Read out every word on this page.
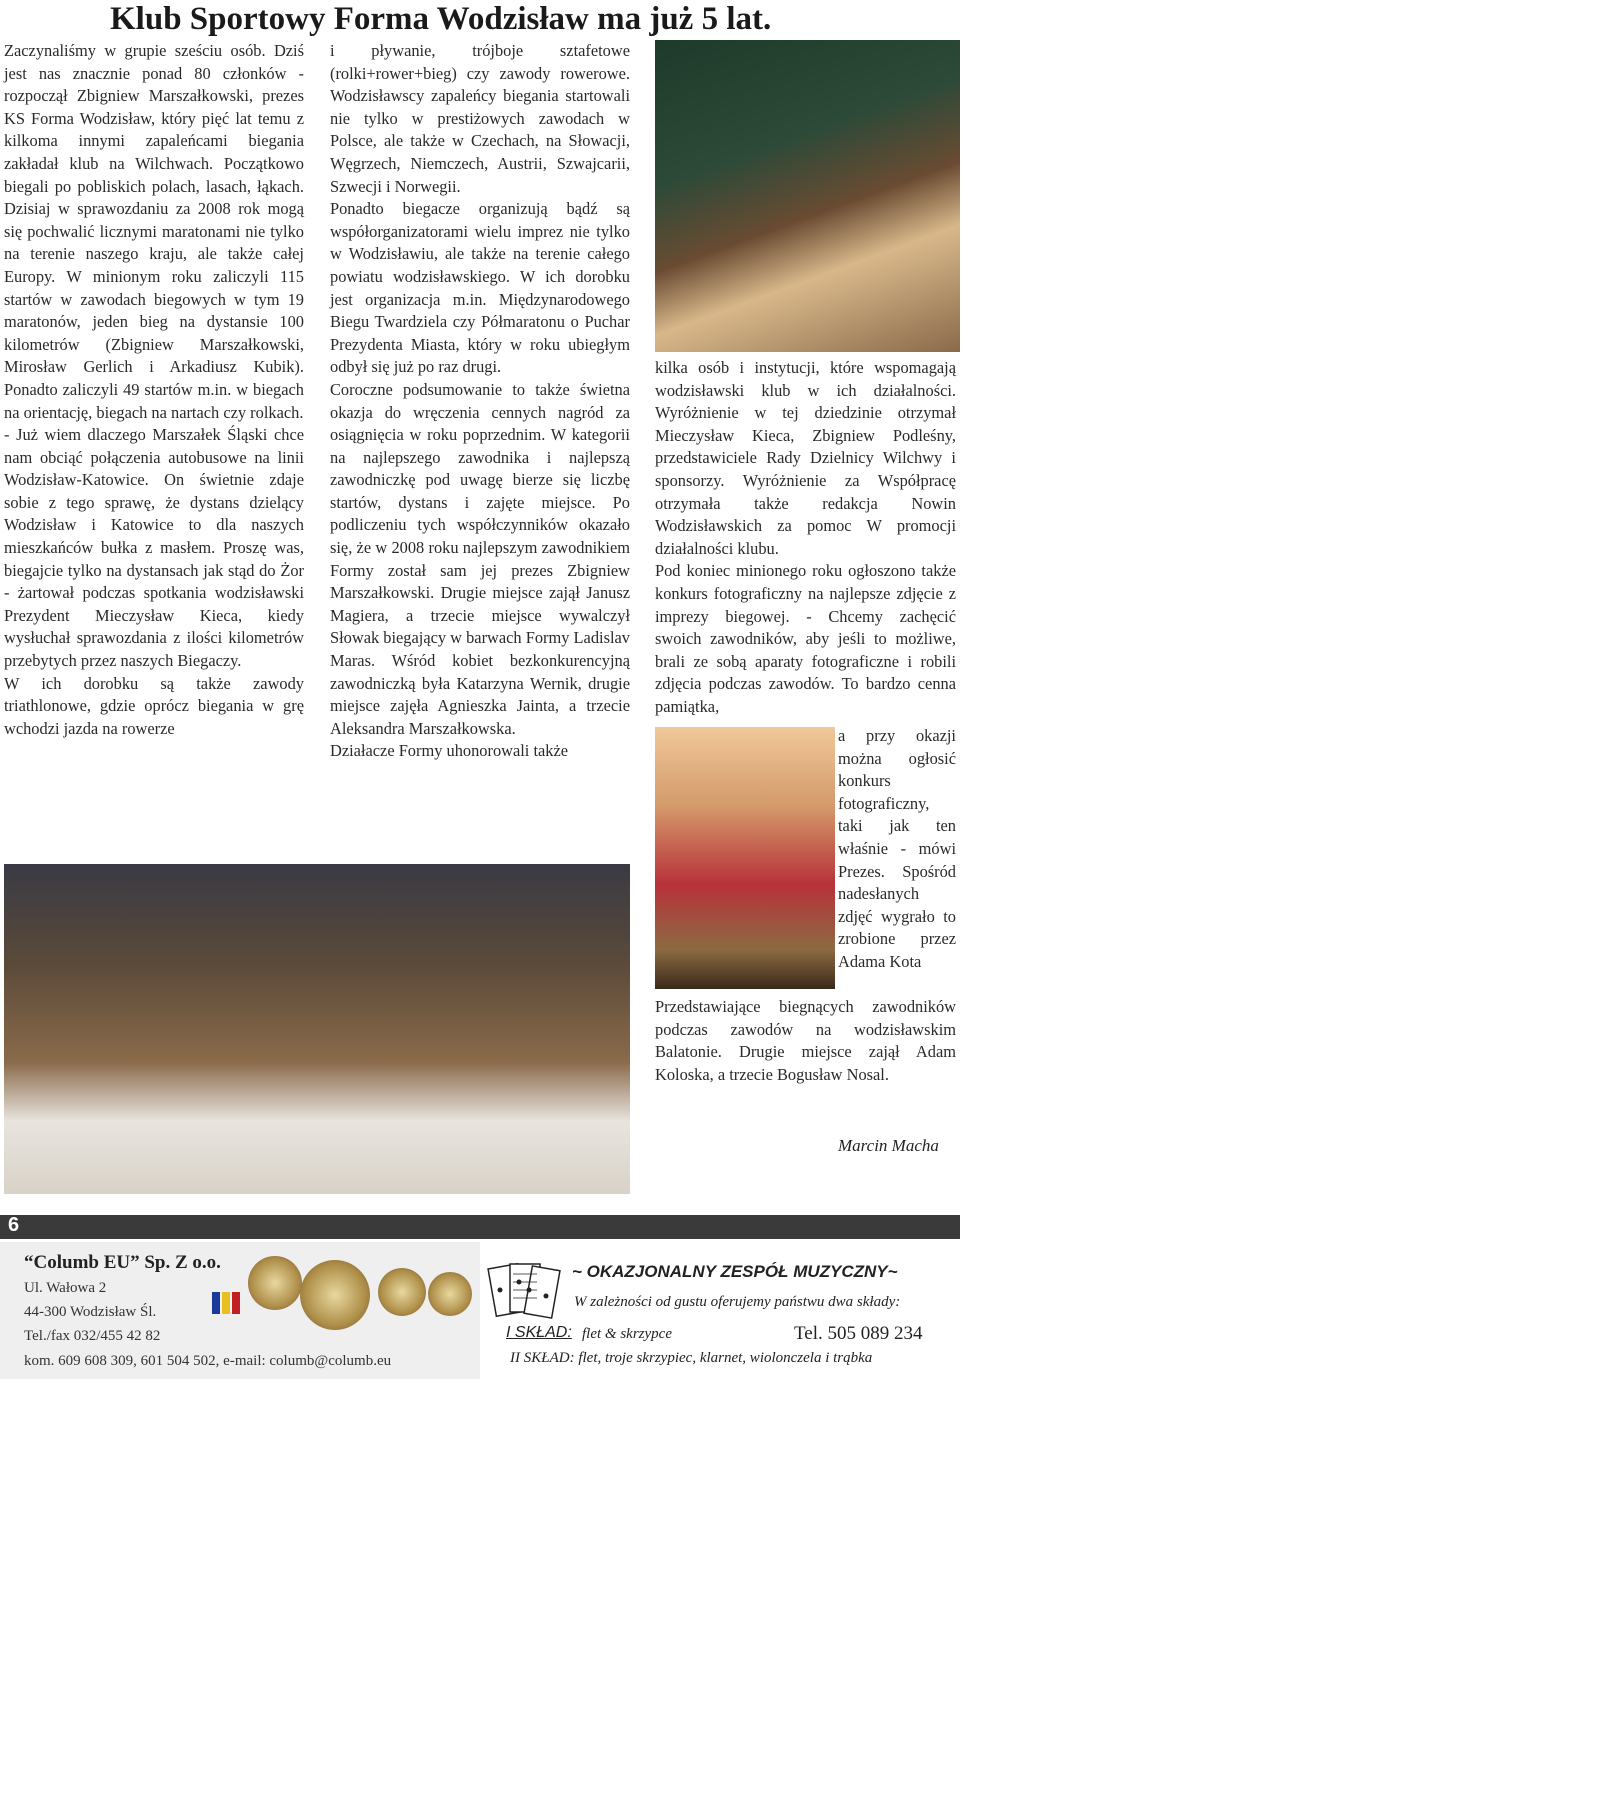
Klub Sportowy Forma Wodzisław ma już 5 lat.

Zaczynaliśmy w grupie sześciu osób. Dziś jest nas znacznie ponad 80 członków - rozpoczął Zbigniew Marszałkowski, prezes KS Forma Wodzisław, który pięć lat temu z kilkoma innymi zapaleńcami biegania zakładał klub na Wilchwach. Początkowo biegali po pobliskich polach, lasach, łąkach. Dzisiaj w sprawozdaniu za 2008 rok mogą się pochwalić licznymi maratonami nie tylko na terenie naszego kraju, ale także całej Europy. W minionym roku zaliczyli 115 startów w zawodach biegowych w tym 19 maratonów, jeden bieg na dystansie 100 kilometrów (Zbigniew Marszałkowski, Mirosław Gerlich i Arkadiusz Kubik). Ponadto zaliczyli 49 startów m.in. w biegach na orientację, biegach na nartach czy rolkach.

- Już wiem dlaczego Marszałek Śląski chce nam obciąć połączenia autobusowe na linii Wodzisław-Katowice. On świetnie zdaje sobie z tego sprawę, że dystans dzielący Wodzisław i Katowice to dla naszych mieszkańców bułka z masłem. Proszę was, biegajcie tylko na dystansach jak stąd do Żor - żartował podczas spotkania wodzisławski Prezydent Mieczysław Kieca, kiedy wysłuchał sprawozdania z ilości kilometrów przebytych przez naszych Biegaczy.

W ich dorobku są także zawody triathlonowe, gdzie oprócz biegania w grę wchodzi jazda na rowerze

i pływanie, trójboje sztafetowe (rolki+rower+bieg) czy zawody rowerowe. Wodzisławscy zapaleńcy biegania startowali nie tylko w prestiżowych zawodach w Polsce, ale także w Czechach, na Słowacji, Węgrzech, Niemczech, Austrii, Szwajcarii, Szwecji i Norwegii.

Ponadto biegacze organizują bądź są współorganizatorami wielu imprez nie tylko w Wodzisławiu, ale także na terenie całego powiatu wodzisławskiego. W ich dorobku jest organizacja m.in. Międzynarodowego Biegu Twardziela czy Półmaratonu o Puchar Prezydenta Miasta, który w roku ubiegłym odbył się już po raz drugi.

Coroczne podsumowanie to także świetna okazja do wręczenia cennych nagród za osiągnięcia w roku poprzednim. W kategorii na najlepszego zawodnika i najlepszą zawodniczkę pod uwagę bierze się liczbę startów, dystans i zajęte miejsce. Po podliczeniu tych współczynników okazało się, że w 2008 roku najlepszym zawodnikiem Formy został sam jej prezes Zbigniew Marszałkowski. Drugie miejsce zajął Janusz Magiera, a trzecie miejsce wywalczył Słowak biegający w barwach Formy Ladislav Maras. Wśród kobiet bezkonkurencyjną zawodniczką była Katarzyna Wernik, drugie miejsce zajęła Agnieszka Jainta, a trzecie Aleksandra Marszałkowska.

Działacze Formy uhonorowali także

fot. M.Macha

kilka osób i instytucji, które wspomagają wodzisławski klub w ich działalności. Wyróżnienie w tej dziedzinie otrzymał Mieczysław Kieca, Zbigniew Podleśny, przedstawiciele Rady Dzielnicy Wilchwy i sponsorzy. Wyróżnienie za Współpracę otrzymała także redakcja Nowin Wodzisławskich za pomoc W promocji działalności klubu.

Pod koniec minionego roku ogłoszono także konkurs fotograficzny na najlepsze zdjęcie z imprezy biegowej. - Chcemy zachęcić swoich zawodników, aby jeśli to możliwe, brali ze sobą aparaty fotograficzne i robili zdjęcia podczas zawodów. To bardzo cenna pamiątka,

fot. M.Macha

a przy okazji można ogłosić konkurs fotograficzny, taki jak ten właśnie - mówi Prezes. Spośród nadesłanych zdjęć wygrało to zrobione przez Adama Kota

Przedstawiające biegnących zawodników podczas zawodów na wodzisławskim Balatonie. Drugie miejsce zajął Adam Koloska, a trzecie Bogusław Nosal.

Marcin Macha
fot. M.Macha
6
“Columb EU” Sp. Z o.o.
Ul. Wałowa 2
44-300 Wodzisław Śl.
Tel./fax 032/455 42 82
kom. 609 608 309, 601 504 502, e-mail: columb@columb.eu
~ OKAZJONALNY ZESPÓŁ MUZYCZNY~
W zależności od gustu oferujemy państwu dwa składy:
I SKŁAD: flet & skrzypce	Tel. 505 089 234
II SKŁAD: flet, troje skrzypiec, klarnet, wiolonczela i trąbka
